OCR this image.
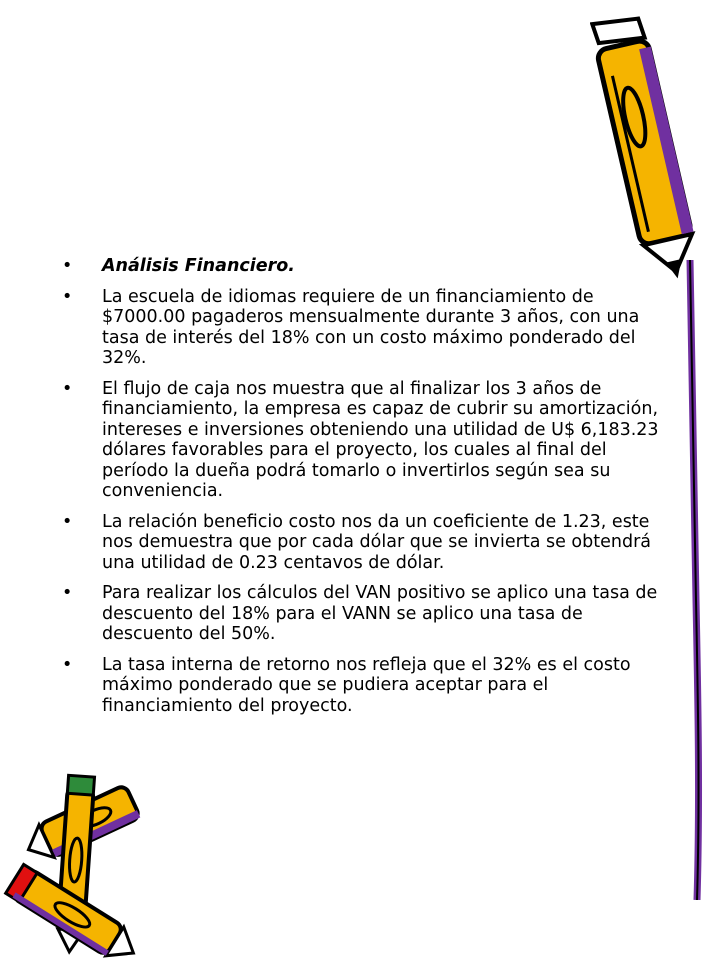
• Análisis Financiero.
• La escuela de idiomas requiere de un financiamiento de $7000.00 pagaderos mensualmente durante 3 años, con una tasa de interés del 18% con un costo máximo ponderado del 32%.
• El flujo de caja nos muestra que al finalizar los 3 años de financiamiento, la empresa es capaz de cubrir su amortización, intereses e inversiones obteniendo una utilidad de U$ 6,183.23 dólares favorables para el proyecto, los cuales al final del período la dueña podrá tomarlo o invertirlos según sea su conveniencia.
• La relación beneficio costo nos da un coeficiente de 1.23, este nos demuestra que por cada dólar que se invierta se obtendrá una utilidad de 0.23 centavos de dólar.
• Para realizar los cálculos del VAN positivo se aplico una tasa de descuento del 18% para el VANN se aplico una tasa de descuento del 50%.
• La tasa interna de retorno nos refleja que el 32% es el costo máximo ponderado que se pudiera aceptar para el financiamiento del proyecto.
